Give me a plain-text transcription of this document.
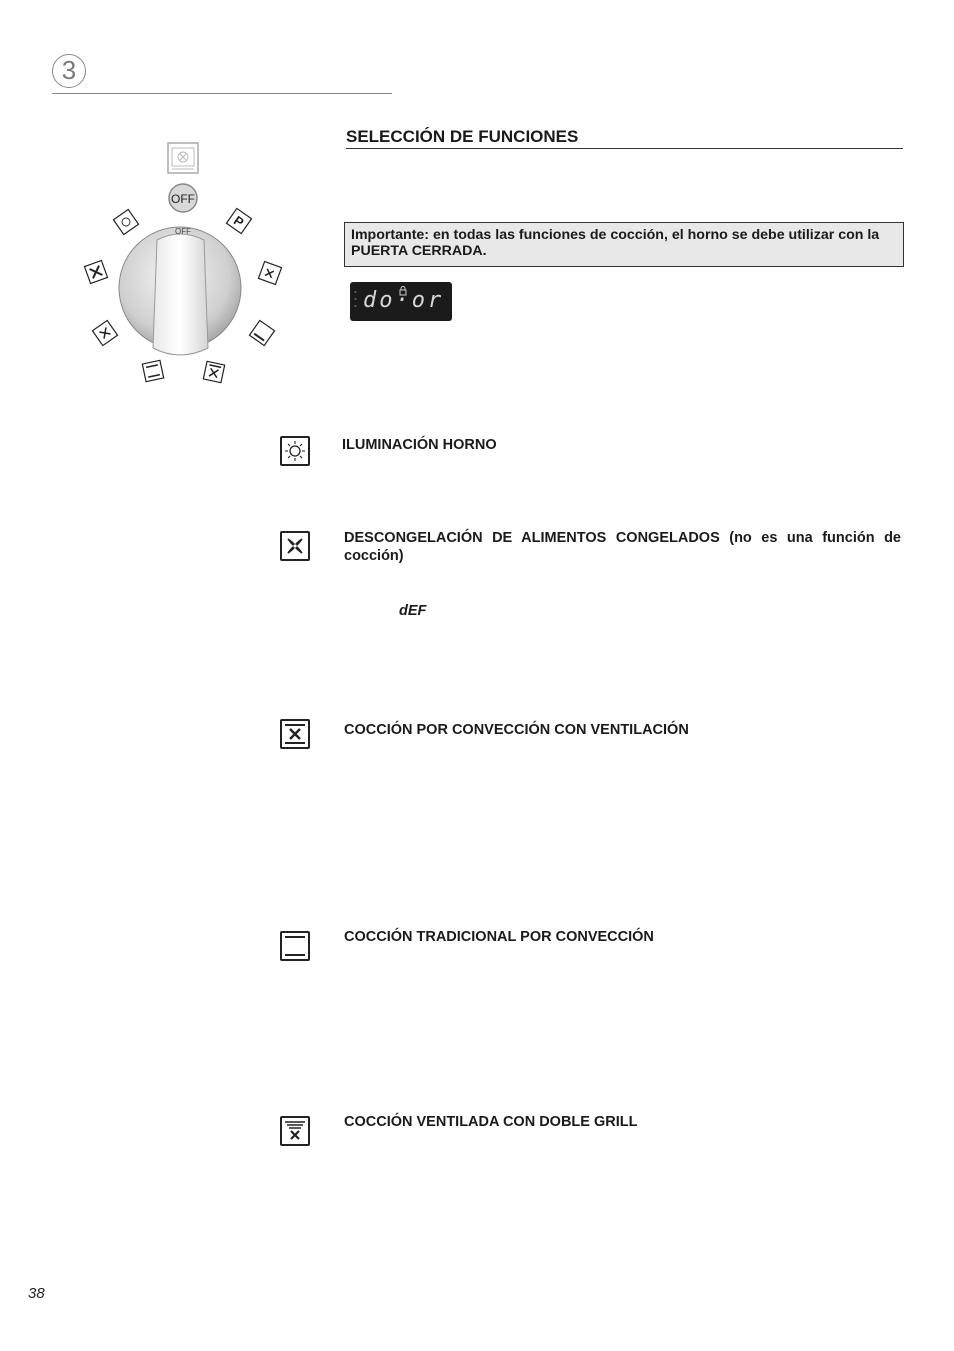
3
OFF
OFF
P
SELECCIÓN DE FUNCIONES
Importante: en todas las funciones de cocción, el horno se debe utilizar con la PUERTA CERRADA.
do·or
ILUMINACIÓN HORNO
DESCONGELACIÓN DE ALIMENTOS CONGELADOS (no es una función de cocción)
dEF
COCCIÓN POR CONVECCIÓN CON VENTILACIÓN
COCCIÓN TRADICIONAL POR CONVECCIÓN
COCCIÓN VENTILADA CON DOBLE GRILL
38
